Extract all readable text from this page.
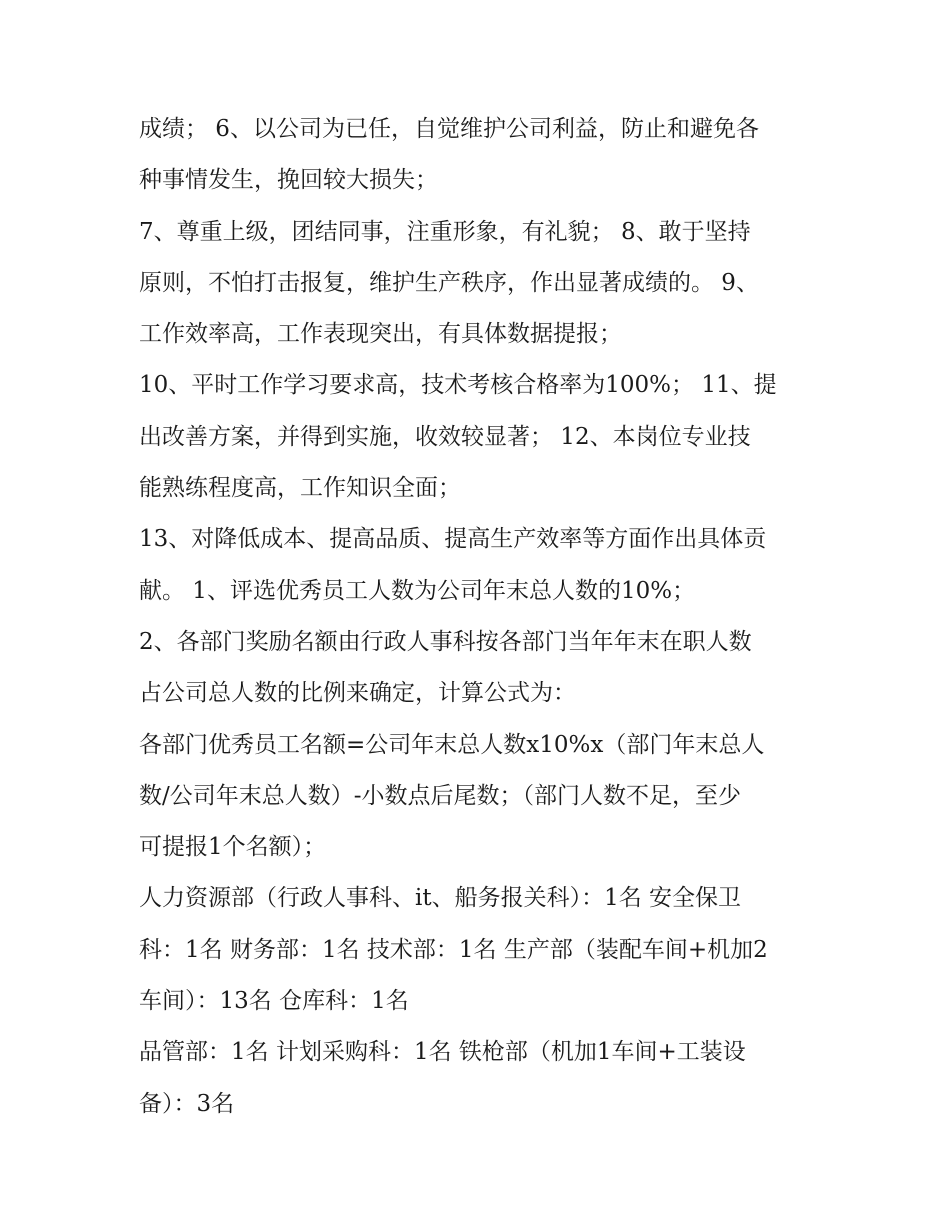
成绩； 6、以公司为已任，自觉维护公司利益，防止和避免各
种事情发生，挽回较大损失；

7、尊重上级，团结同事，注重形象，有礼貌； 8、敢于坚持
原则，不怕打击报复，维护生产秩序，作出显著成绩的。 9、
工作效率高，工作表现突出，有具体数据提报；

10、平时工作学习要求高，技术考核合格率为100%； 11、提
出改善方案，并得到实施，收效较显著； 12、本岗位专业技
能熟练程度高，工作知识全面；

13、对降低成本、提高品质、提高生产效率等方面作出具体贡
献。 1、评选优秀员工人数为公司年末总人数的10%；

2、各部门奖励名额由行政人事科按各部门当年年末在职人数
占公司总人数的比例来确定，计算公式为：

各部门优秀员工名额=公司年末总人数x10%x（部门年末总人
数/公司年末总人数）-小数点后尾数；（部门人数不足，至少
可提报1个名额）；

人力资源部（行政人事科、it、船务报关科）：1名 安全保卫
科：1名 财务部：1名 技术部：1名 生产部（装配车间+机加2
车间）：13名 仓库科：1名

品管部：1名 计划采购科：1名 铁枪部（机加1车间+工装设
备）：3名
